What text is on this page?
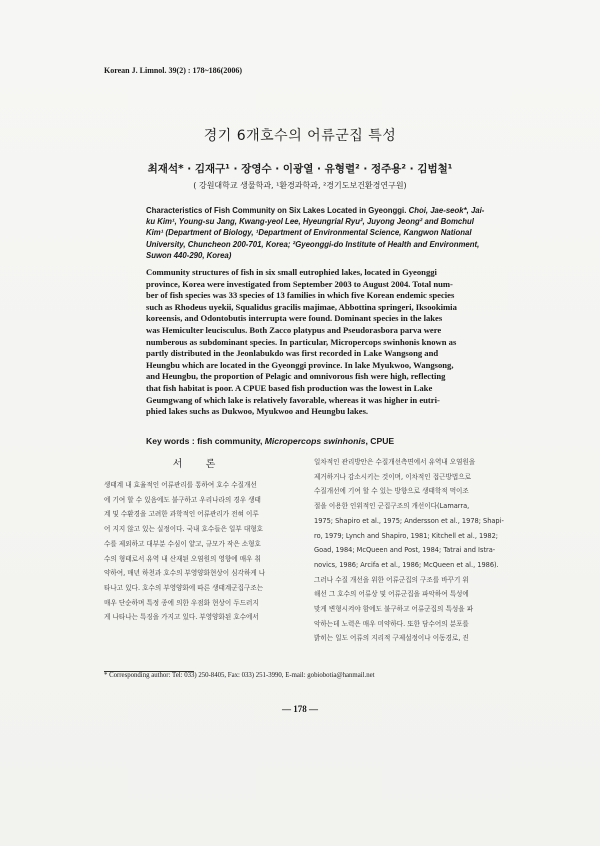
Korean J. Limnol. 39(2) : 178~186(2006)
경기 6개호수의 어류군집 특성
최재석* · 김재구¹ · 장영수 · 이광열 · 유형렬² · 정주용² · 김범철¹
( 강원대학교 생물학과, ¹환경과학과, ²경기도보건환경연구원)
Characteristics of Fish Community on Six Lakes Located in Gyeonggi. Choi, Jae-seok*, Jai-
ku Kim¹, Young-su Jang, Kwang-yeol Lee, Hyeungrial Ryu², Juyong Jeong² and Bomchul
Kim¹ (Department of Biology, ¹Department of Environmental Science, Kangwon National
University, Chuncheon 200-701, Korea; ²Gyeonggi-do Institute of Health and Environment,
Suwon 440-290, Korea)
Community structures of fish in six small eutrophied lakes, located in Gyeonggi
province, Korea were investigated from September 2003 to August 2004. Total num-
ber of fish species was 33 species of 13 families in which five Korean endemic species
such as Rhodeus uyekii, Squalidus gracilis majimae, Abbottina springeri, Iksookimia
koreensis, and Odontobutis interrupta were found. Dominant species in the lakes
was Hemiculter leucisculus. Both Zacco platypus and Pseudorasbora parva were
numberous as subdominant species. In particular, Micropercops swinhonis known as
partly distributed in the Jeonlabukdo was first recorded in Lake Wangsong and
Heungbu which are located in the Gyeonggi province. In lake Myukwoo, Wangsong,
and Heungbu, the proportion of Pelagic and omnivorous fish were high, reflecting
that fish habitat is poor. A CPUE based fish production was the lowest in Lake
Geumgwang of which lake is relatively favorable, whereas it was higher in eutri-
phied lakes suchs as Dukwoo, Myukwoo and Heungbu lakes.
Key words : fish community, Micropercops swinhonis, CPUE
서 론

생태계 내 효율적인 어류관리를 통하여 호수 수질개선

에 기여 할 수 있음에도 불구하고 우리나라의 경우 생태

계 및 수환경을 고려한 과학적인 어류관리가 전혀 이루

어 지지 않고 있는 실정이다. 국내 호수들은 일부 대형호

수를 제외하고 대부분 수심이 얕고, 규모가 작은 소형호

수의 형태로서 유역 내 산재된 오염원의 영향에 매우 취

약하여, 매년 하천과 호수의 부영양화현상이 심각하게 나

타나고 있다. 호수의 부영양화에 따른 생태계군집구조는

매우 단순하며 특정 종에 의한 우점화 현상이 두드러지

게 나타나는 특징을 가지고 있다. 부영양화된 호수에서

일차적인 관리방안은 수질개선측면에서 유역내 오염원을

제거하거나 감소시키는 것이며, 이차적인 접근방법으로

수질개선에 기여 할 수 있는 방향으로 생태학적 먹이조

절을 이용한 인위적인 군집구조의 개선이다(Lamarra,

1975; Shapiro et al., 1975; Andersson et al., 1978; Shapi-

ro, 1979; Lynch and Shapiro, 1981; Kitchell et al., 1982;

Goad, 1984; McQueen and Post, 1984; Tatrai and Istra-

novics, 1986; Arcifa et al., 1986; McQueen et al., 1986).

그러나 수질 개선을 위한 어류군집의 구조를 바꾸기 위

해선 그 호수의 어류상 및 어류군집을 파악하여 특성에

맞게 변형시켜야 함에도 불구하고 어류군집의 특성을 파

악하는데 노력은 매우 미약하다. 또한 담수어의 분포를

밝히는 일도 어류의 지리적 구제설정이나 이동경로, 진

* Corresponding author: Tel: 033) 250-8405, Fax: 033) 251-3990, E-mail: gobiobotia@hanmail.net
— 178 —
